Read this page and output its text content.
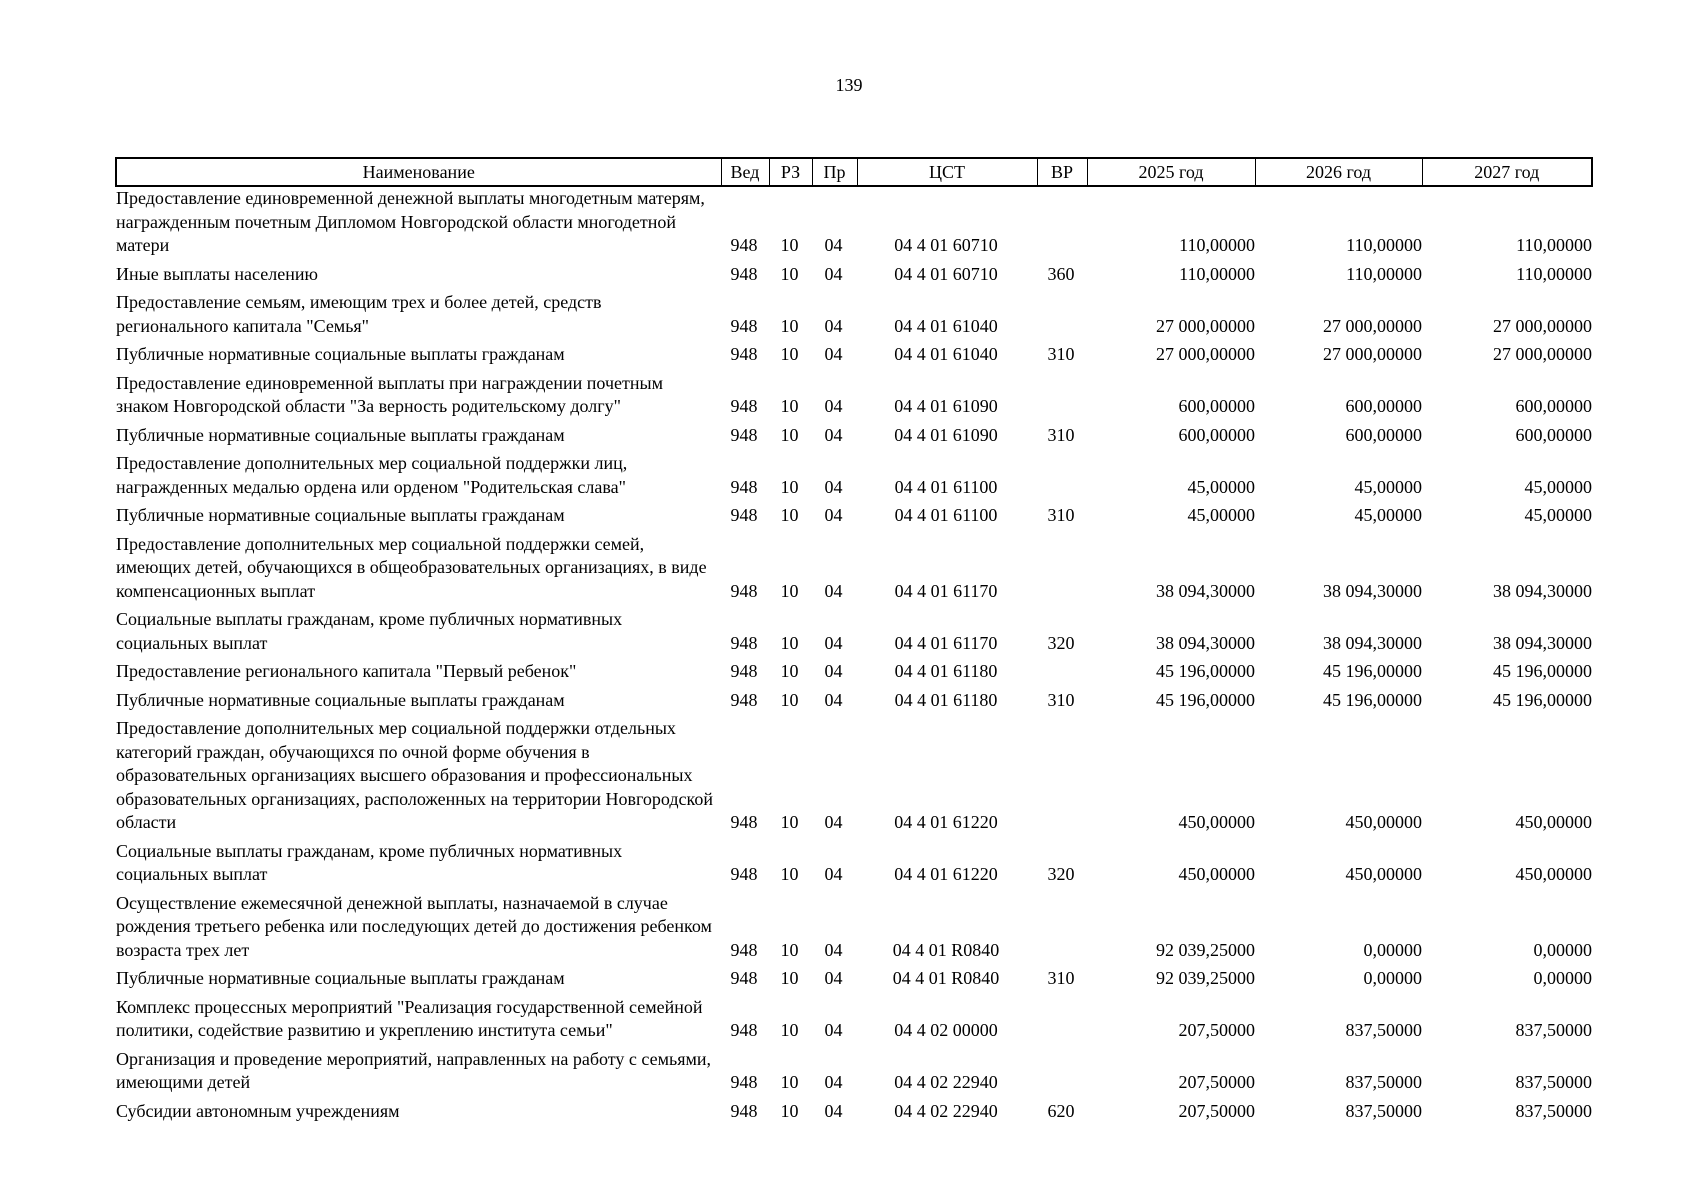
139
Наименование	Вед	РЗ	Пр	ЦСТ	ВР	2025 год	2026 год	2027 год
Предоставление единовременной денежной выплаты многодетным матерям, награжденным почетным Дипломом Новгородской области многодетной матери	948	10	04	04 4 01 60710		110,00000	110,00000	110,00000
Иные выплаты населению	948	10	04	04 4 01 60710	360	110,00000	110,00000	110,00000
Предоставление семьям, имеющим трех и более детей, средств регионального капитала "Семья"	948	10	04	04 4 01 61040		27 000,00000	27 000,00000	27 000,00000
Публичные нормативные социальные выплаты гражданам	948	10	04	04 4 01 61040	310	27 000,00000	27 000,00000	27 000,00000
Предоставление единовременной выплаты при награждении почетным знаком Новгородской области "За верность родительскому долгу"	948	10	04	04 4 01 61090		600,00000	600,00000	600,00000
Публичные нормативные социальные выплаты гражданам	948	10	04	04 4 01 61090	310	600,00000	600,00000	600,00000
Предоставление дополнительных мер социальной поддержки лиц, награжденных медалью ордена или орденом "Родительская слава"	948	10	04	04 4 01 61100		45,00000	45,00000	45,00000
Публичные нормативные социальные выплаты гражданам	948	10	04	04 4 01 61100	310	45,00000	45,00000	45,00000
Предоставление дополнительных мер социальной поддержки семей, имеющих детей, обучающихся в общеобразовательных организациях, в виде компенсационных выплат	948	10	04	04 4 01 61170		38 094,30000	38 094,30000	38 094,30000
Социальные выплаты гражданам, кроме публичных нормативных социальных выплат	948	10	04	04 4 01 61170	320	38 094,30000	38 094,30000	38 094,30000
Предоставление регионального капитала "Первый ребенок"	948	10	04	04 4 01 61180		45 196,00000	45 196,00000	45 196,00000
Публичные нормативные социальные выплаты гражданам	948	10	04	04 4 01 61180	310	45 196,00000	45 196,00000	45 196,00000
Предоставление дополнительных мер социальной поддержки отдельных категорий граждан, обучающихся по очной форме обучения в образовательных организациях высшего образования и профессиональных образовательных организациях, расположенных на территории Новгородской области	948	10	04	04 4 01 61220		450,00000	450,00000	450,00000
Социальные выплаты гражданам, кроме публичных нормативных социальных выплат	948	10	04	04 4 01 61220	320	450,00000	450,00000	450,00000
Осуществление ежемесячной денежной выплаты, назначаемой в случае рождения третьего ребенка или последующих детей до достижения ребенком возраста трех лет	948	10	04	04 4 01 R0840		92 039,25000	0,00000	0,00000
Публичные нормативные социальные выплаты гражданам	948	10	04	04 4 01 R0840	310	92 039,25000	0,00000	0,00000
Комплекс процессных мероприятий "Реализация государственной семейной политики, содействие развитию и укреплению института семьи"	948	10	04	04 4 02 00000		207,50000	837,50000	837,50000
Организация и проведение мероприятий, направленных на работу с семьями, имеющими детей	948	10	04	04 4 02 22940		207,50000	837,50000	837,50000
Субсидии автономным учреждениям	948	10	04	04 4 02 22940	620	207,50000	837,50000	837,50000
